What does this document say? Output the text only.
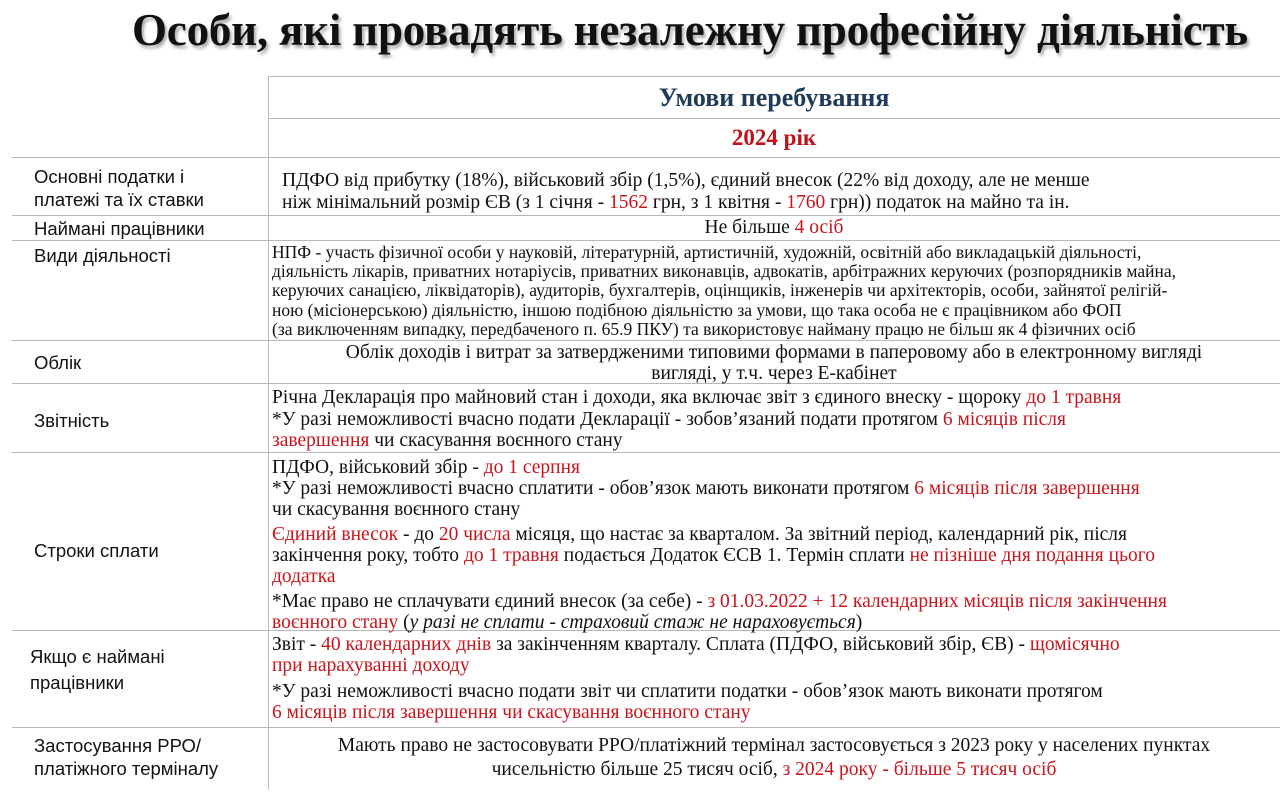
Особи, які провадять незалежну професійну діяльність
Умови перебування
2024 рік
Основні податки і платежі та їх ставки
Наймані працівники
Види діяльності
Облік
Звітність
Строки сплати
Якщо є наймані працівники
Застосування РРО/ платіжного терміналу
ПДФО від прибутку (18%), військовий збір (1,5%), єдиний внесок (22% від доходу, але не менше
ніж мінімальний розмір ЄВ (з 1 січня - 1562 грн, з 1 квітня - 1760 грн)) податок на майно та ін.
Не більше 4 осіб
НПФ - участь фізичної особи у науковій, літературній, артистичній, художній, освітній або викладацькій діяльності,
діяльність лікарів, приватних нотаріусів, приватних виконавців, адвокатів, арбітражних керуючих (розпорядників майна,
керуючих санацією, ліквідаторів), аудиторів, бухгалтерів, оцінщиків, інженерів чи архітекторів, особи, зайнятої релігій-
ною (місіонерською) діяльністю, іншою подібною діяльністю за умови, що така особа не є працівником або ФОП
(за виключенням випадку, передбаченого п. 65.9 ПКУ) та використовує найману працю не більш як 4 фізичних осіб
Облік доходів і витрат за затвердженими типовими формами в паперовому або в електронному вигляді
вигляді, у т.ч. через Е-кабінет
Річна Декларація про майновий стан і доходи, яка включає звіт з єдиного внеску - щороку до 1 травня
*У разі неможливості вчасно подати Декларації - зобов’язаний подати протягом 6 місяців після
завершення чи скасування воєнного стану
ПДФО, військовий збір - до 1 серпня
*У разі неможливості вчасно сплатити - обов’язок мають виконати протягом 6 місяців після завершення
чи скасування воєнного стану
Єдиний внесок - до 20 числа місяця, що настає за кварталом. За звітний період, календарний рік, після
закінчення року, тобто до 1 травня подається Додаток ЄСВ 1. Термін сплати не пізніше дня подання цього
додатка
*Має право не сплачувати єдиний внесок (за себе) - з 01.03.2022 + 12 календарних місяців після закінчення
воєнного стану (у разі не сплати - страховий стаж не нараховується)
Звіт - 40 календарних днів за закінченням кварталу. Сплата (ПДФО, військовий збір, ЄВ) - щомісячно
при нарахуванні доходу
*У разі неможливості вчасно подати звіт чи сплатити податки - обов’язок мають виконати протягом
6 місяців після завершення чи скасування воєнного стану
Мають право не застосовувати РРО/платіжний термінал застосовується з 2023 року у населених пунктах
чисельністю більше 25 тисяч осіб, з 2024 року - більше 5 тисяч осіб
